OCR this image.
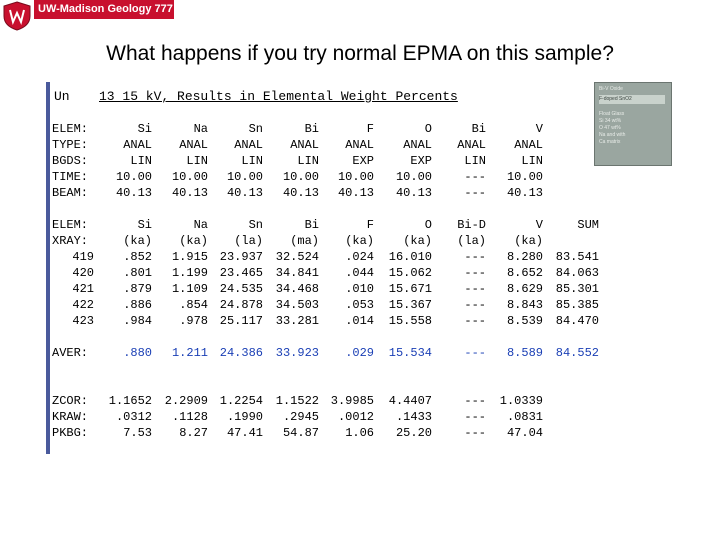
UW-Madison Geology 777
What happens if you try normal EPMA on this sample?
Un 13 15 kV, Results in Elemental Weight Percents
ELEM:	Si	Na	Sn	Bi	F	O	Bi	V
TYPE:	ANAL ANAL ANAL ANAL ANAL ANAL ANAL ANAL
BGDS:	LIN	LIN	LIN	LIN	EXP	EXP	LIN	LIN
TIME: 10.00 10.00 10.00 10.00 10.00 10.00	--- 10.00
BEAM: 40.13 40.13 40.13 40.13 40.13 40.13	--- 40.13
ELEM:	Si	Na	Sn	Bi	F	O Bi-D	V	SUM
XRAY:	(ka) (ka) (la) (ma) (ka) (ka) (la) (ka)
419 .852 1.915 23.937 32.524 .024 16.010	--- 8.280 83.541
420 .801 1.199 23.465 34.841 .044 15.062	--- 8.652 84.063
421 .879 1.109 24.535 34.468 .010 15.671	--- 8.629 85.301
422 .886 .854 24.878 34.503 .053 15.367	--- 8.843 85.385
423 .984 .978 25.117 33.281 .014 15.558	--- 8.539 84.470
AVER:	.880 1.211 24.386 33.923 .029 15.534	--- 8.589 84.552
ZCOR: 1.1652 2.2909 1.2254 1.1522 3.9985 4.4407	--- 1.0339
KRAW: .0312 .1128 .1990 .2945 .0012 .1433	--- .0831
PKBG:	7.53 8.27 47.41 54.87 1.06 25.20	--- 47.04
Bi-V Oxide
F-doped SnO2
Float Glass
Si 34 wt%
O 47 wt%
Na and with
Ca matrix
